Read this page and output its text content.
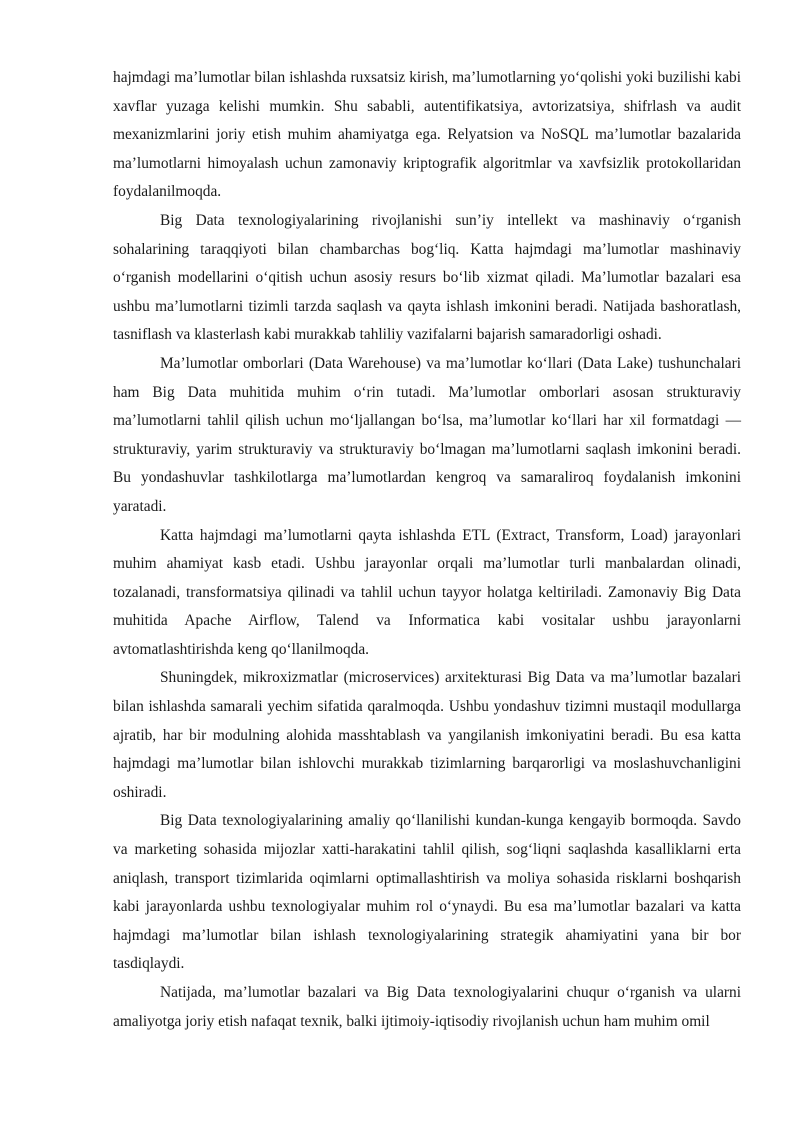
hajmdagi ma’lumotlar bilan ishlashda ruxsatsiz kirish, ma’lumotlarning yo‘qolishi yoki buzilishi kabi xavflar yuzaga kelishi mumkin. Shu sababli, autentifikatsiya, avtorizatsiya, shifrlash va audit mexanizmlarini joriy etish muhim ahamiyatga ega. Relyatsion va NoSQL ma’lumotlar bazalarida ma’lumotlarni himoyalash uchun zamonaviy kriptografik algoritmlar va xavfsizlik protokollaridan foydalanilmoqda.

Big Data texnologiyalarining rivojlanishi sun’iy intellekt va mashinaviy o‘rganish sohalarining taraqqiyoti bilan chambarchas bog‘liq. Katta hajmdagi ma’lumotlar mashinaviy o‘rganish modellarini o‘qitish uchun asosiy resurs bo‘lib xizmat qiladi. Ma’lumotlar bazalari esa ushbu ma’lumotlarni tizimli tarzda saqlash va qayta ishlash imkonini beradi. Natijada bashoratlash, tasniflash va klasterlash kabi murakkab tahliliy vazifalarni bajarish samaradorligi oshadi.

Ma’lumotlar omborlari (Data Warehouse) va ma’lumotlar ko‘llari (Data Lake) tushunchalari ham Big Data muhitida muhim o‘rin tutadi. Ma’lumotlar omborlari asosan strukturaviy ma’lumotlarni tahlil qilish uchun mo‘ljallangan bo‘lsa, ma’lumotlar ko‘llari har xil formatdagi — strukturaviy, yarim strukturaviy va strukturaviy bo‘lmagan ma’lumotlarni saqlash imkonini beradi. Bu yondashuvlar tashkilotlarga ma’lumotlardan kengroq va samaraliroq foydalanish imkonini yaratadi.

Katta hajmdagi ma’lumotlarni qayta ishlashda ETL (Extract, Transform, Load) jarayonlari muhim ahamiyat kasb etadi. Ushbu jarayonlar orqali ma’lumotlar turli manbalardan olinadi, tozalanadi, transformatsiya qilinadi va tahlil uchun tayyor holatga keltiriladi. Zamonaviy Big Data muhitida Apache Airflow, Talend va Informatica kabi vositalar ushbu jarayonlarni avtomatlashtirishda keng qo‘llanilmoqda.

Shuningdek, mikroxizmatlar (microservices) arxitekturasi Big Data va ma’lumotlar bazalari bilan ishlashda samarali yechim sifatida qaralmoqda. Ushbu yondashuv tizimni mustaqil modullarga ajratib, har bir modulning alohida masshtablash va yangilanish imkoniyatini beradi. Bu esa katta hajmdagi ma’lumotlar bilan ishlovchi murakkab tizimlarning barqarorligi va moslashuvchanligini oshiradi.

Big Data texnologiyalarining amaliy qo‘llanilishi kundan-kunga kengayib bormoqda. Savdo va marketing sohasida mijozlar xatti-harakatini tahlil qilish, sog‘liqni saqlashda kasalliklarni erta aniqlash, transport tizimlarida oqimlarni optimallashtirish va moliya sohasida risklarni boshqarish kabi jarayonlarda ushbu texnologiyalar muhim rol o‘ynaydi. Bu esa ma’lumotlar bazalari va katta hajmdagi ma’lumotlar bilan ishlash texnologiyalarining strategik ahamiyatini yana bir bor tasdiqlaydi.

Natijada, ma’lumotlar bazalari va Big Data texnologiyalarini chuqur o‘rganish va ularni amaliyotga joriy etish nafaqat texnik, balki ijtimoiy-iqtisodiy rivojlanish uchun ham muhim omil
